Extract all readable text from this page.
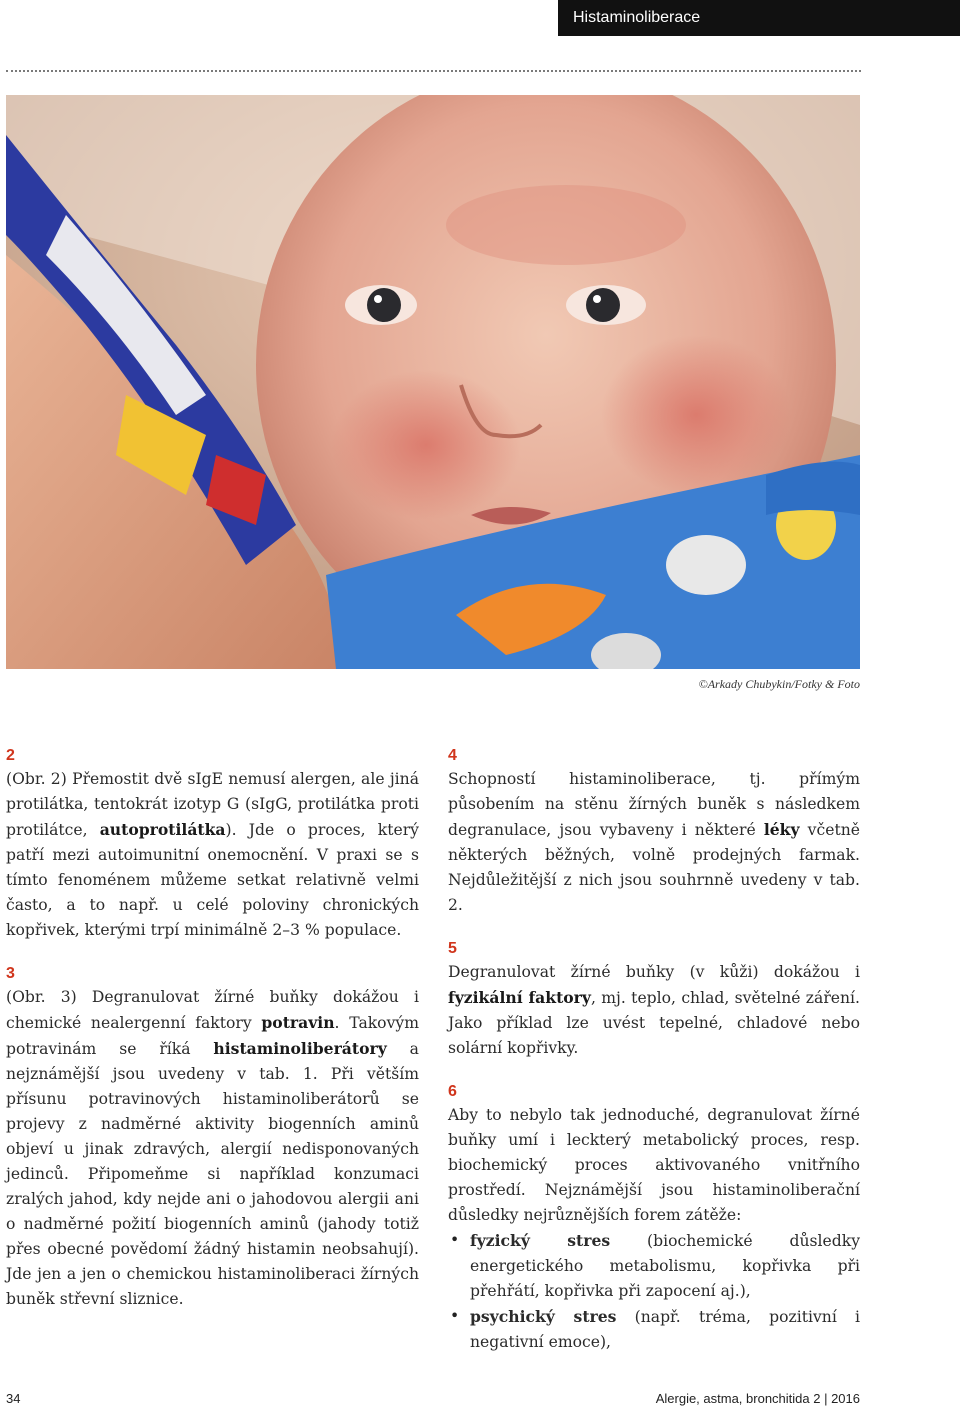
Histaminoliberace
©Arkady Chubykin/Fotky & Foto

2

(Obr. 2) Přemostit dvě sIgE nemusí alergen, ale jiná protilátka, tentokrát izotyp G (sIgG, protilátka proti protilátce, autoprotilátka). Jde o proces, který patří mezi autoimunitní onemocnění. V praxi se s tímto fenoménem můžeme setkat relativně velmi často, a to např. u celé poloviny chronických kopřivek, kterými trpí minimálně 2–3 % populace.

3

(Obr. 3) Degranulovat žírné buňky dokážou i chemické nealergenní faktory potravin. Takovým potravinám se říká histaminoliberátory a nejznámější jsou uvedeny v tab. 1. Při větším přísunu potravinových histaminoliberátorů se projevy z nadměrné aktivity biogenních aminů objeví u jinak zdravých, alergií nedisponovaných jedinců. Připomeňme si například konzumaci zralých jahod, kdy nejde ani o jahodovou alergii ani o nadměrné požití biogenních aminů (jahody totiž přes obecné povědomí žádný histamin neobsahují). Jde jen a jen o chemickou histaminoliberaci žírných buněk střevní sliznice.

4

Schopností histaminoliberace, tj. přímým působením na stěnu žírných buněk s následkem degranulace, jsou vybaveny i některé léky včetně některých běžných, volně prodejných farmak. Nejdůležitější z nich jsou souhrnně uvedeny v tab. 2.

5

Degranulovat žírné buňky (v kůži) dokážou i fyzikální faktory, mj. teplo, chlad, světelné záření. Jako příklad lze uvést tepelné, chladové nebo solární kopřivky.

6

Aby to nebylo tak jednoduché, degranulovat žírné buňky umí i leckterý metabolický proces, resp. biochemický proces aktivovaného vnitřního prostředí. Nejznámější jsou histaminoliberační důsledky nejrůznějších forem zátěže:

• fyzický stres (biochemické důsledky energetického metabolismu, kopřivka při přehřátí, kopřivka při zapocení aj.),
• psychický stres (např. tréma, pozitivní i negativní emoce),
34	Alergie, astma, bronchitida 2 | 2016
